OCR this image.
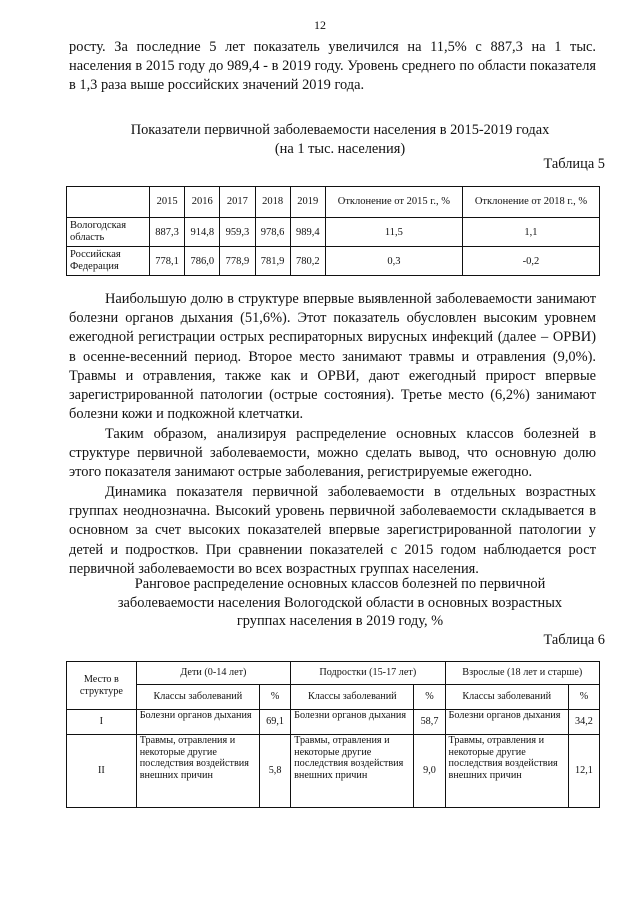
12

росту. За последние 5 лет показатель увеличился на 11,5% с 887,3 на 1 тыс. населения в 2015 году до 989,4 - в 2019 году. Уровень среднего по области показателя в 1,3 раза выше российских значений 2019 года.

Показатели первичной заболеваемости населения в 2015-2019 годах
(на 1 тыс. населения)
Таблица 5
	2015	2016	2017	2018	2019	Отклонение от 2015 г., %	Отклонение от 2018 г., %
Вологодская область	887,3	914,8	959,3	978,6	989,4	11,5	1,1
Российская Федерация	778,1	786,0	778,9	781,9	780,2	0,3	-0,2

Наибольшую долю в структуре впервые выявленной заболеваемости занимают болезни органов дыхания (51,6%). Этот показатель обусловлен высоким уровнем ежегодной регистрации острых респираторных вирусных инфекций (далее – ОРВИ) в осенне-весенний период. Второе место занимают травмы и отравления (9,0%). Травмы и отравления, также как и ОРВИ, дают ежегодный прирост впервые зарегистрированной патологии (острые состояния). Третье место (6,2%) занимают болезни кожи и подкожной клетчатки.

Таким образом, анализируя распределение основных классов болезней в структуре первичной заболеваемости, можно сделать вывод, что основную долю этого показателя занимают острые заболевания, регистрируемые ежегодно.

Динамика показателя первичной заболеваемости в отдельных возрастных группах неоднозначна. Высокий уровень первичной заболеваемости складывается в основном за счет высоких показателей впервые зарегистрированной патологии у детей и подростков. При сравнении показателей с 2015 годом наблюдается рост первичной заболеваемости во всех возрастных группах населения.

Ранговое распределение основных классов болезней по первичной
заболеваемости населения Вологодской области в основных возрастных
группах населения в 2019 году, %
Таблица 6
Место в структуре	Дети (0-14 лет)		Подростки (15-17 лет)		Взрослые (18 лет и старше)	
	Классы заболеваний	%	Классы заболеваний	%	Классы заболеваний	%
I	Болезни органов дыхания	69,1	Болезни органов дыхания	58,7	Болезни органов дыхания	34,2
II	Травмы, отравления и некоторые другие последствия воздействия внешних причин	5,8	Травмы, отравления и некоторые другие последствия воздействия внешних причин	9,0	Травмы, отравления и некоторые другие последствия воздействия внешних причин	12,1
